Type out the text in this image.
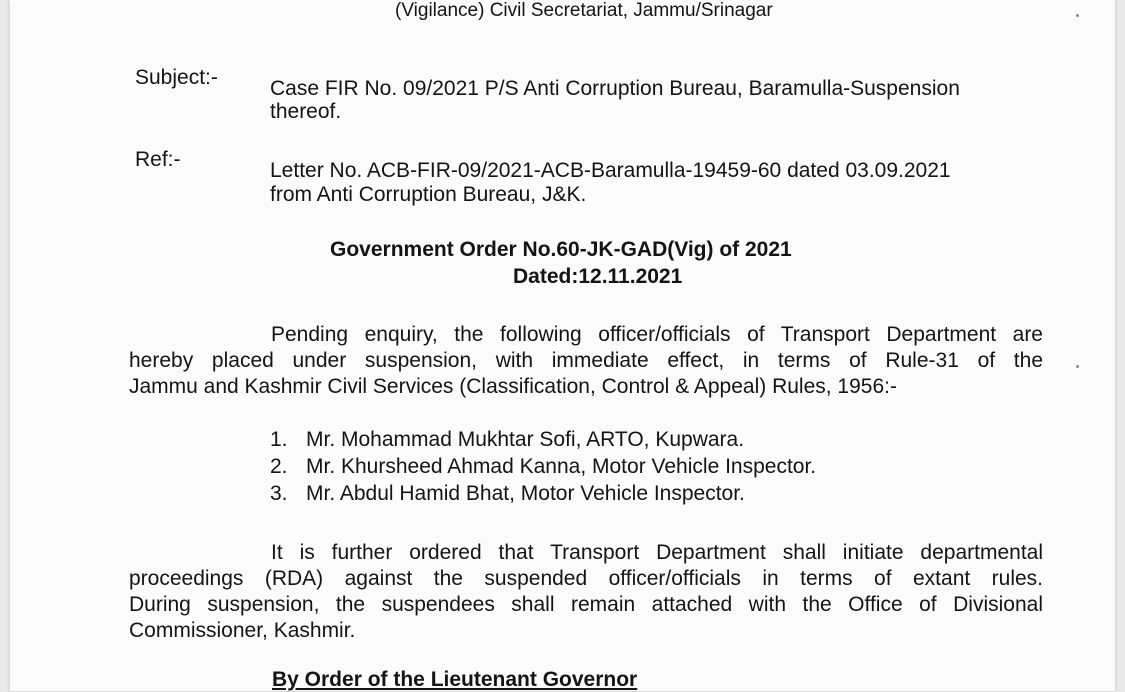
(Vigilance) Civil Secretariat, Jammu/Srinagar
Subject:- Case FIR No. 09/2021 P/S Anti Corruption Bureau, Baramulla-Suspension
thereof.
Ref:-	Letter No. ACB-FIR-09/2021-ACB-Baramulla-19459-60 dated 03.09.2021
from Anti Corruption Bureau, J&K.
Government Order No.60-JK-GAD(Vig) of 2021
Dated:12.11.2021
Pending enquiry, the following officer/officials of Transport Department are
hereby placed under suspension, with immediate effect, in terms of Rule-31 of the
Jammu and Kashmir Civil Services (Classification, Control & Appeal) Rules, 1956:-
1. Mr. Mohammad Mukhtar Sofi, ARTO, Kupwara.
2. Mr. Khursheed Ahmad Kanna, Motor Vehicle Inspector.
3. Mr. Abdul Hamid Bhat, Motor Vehicle Inspector.
It is further ordered that Transport Department shall initiate departmental
proceedings (RDA) against the suspended officer/officials in terms of extant rules.
During suspension, the suspendees shall remain attached with the Office of Divisional
Commissioner, Kashmir.
By Order of the Lieutenant Governor
